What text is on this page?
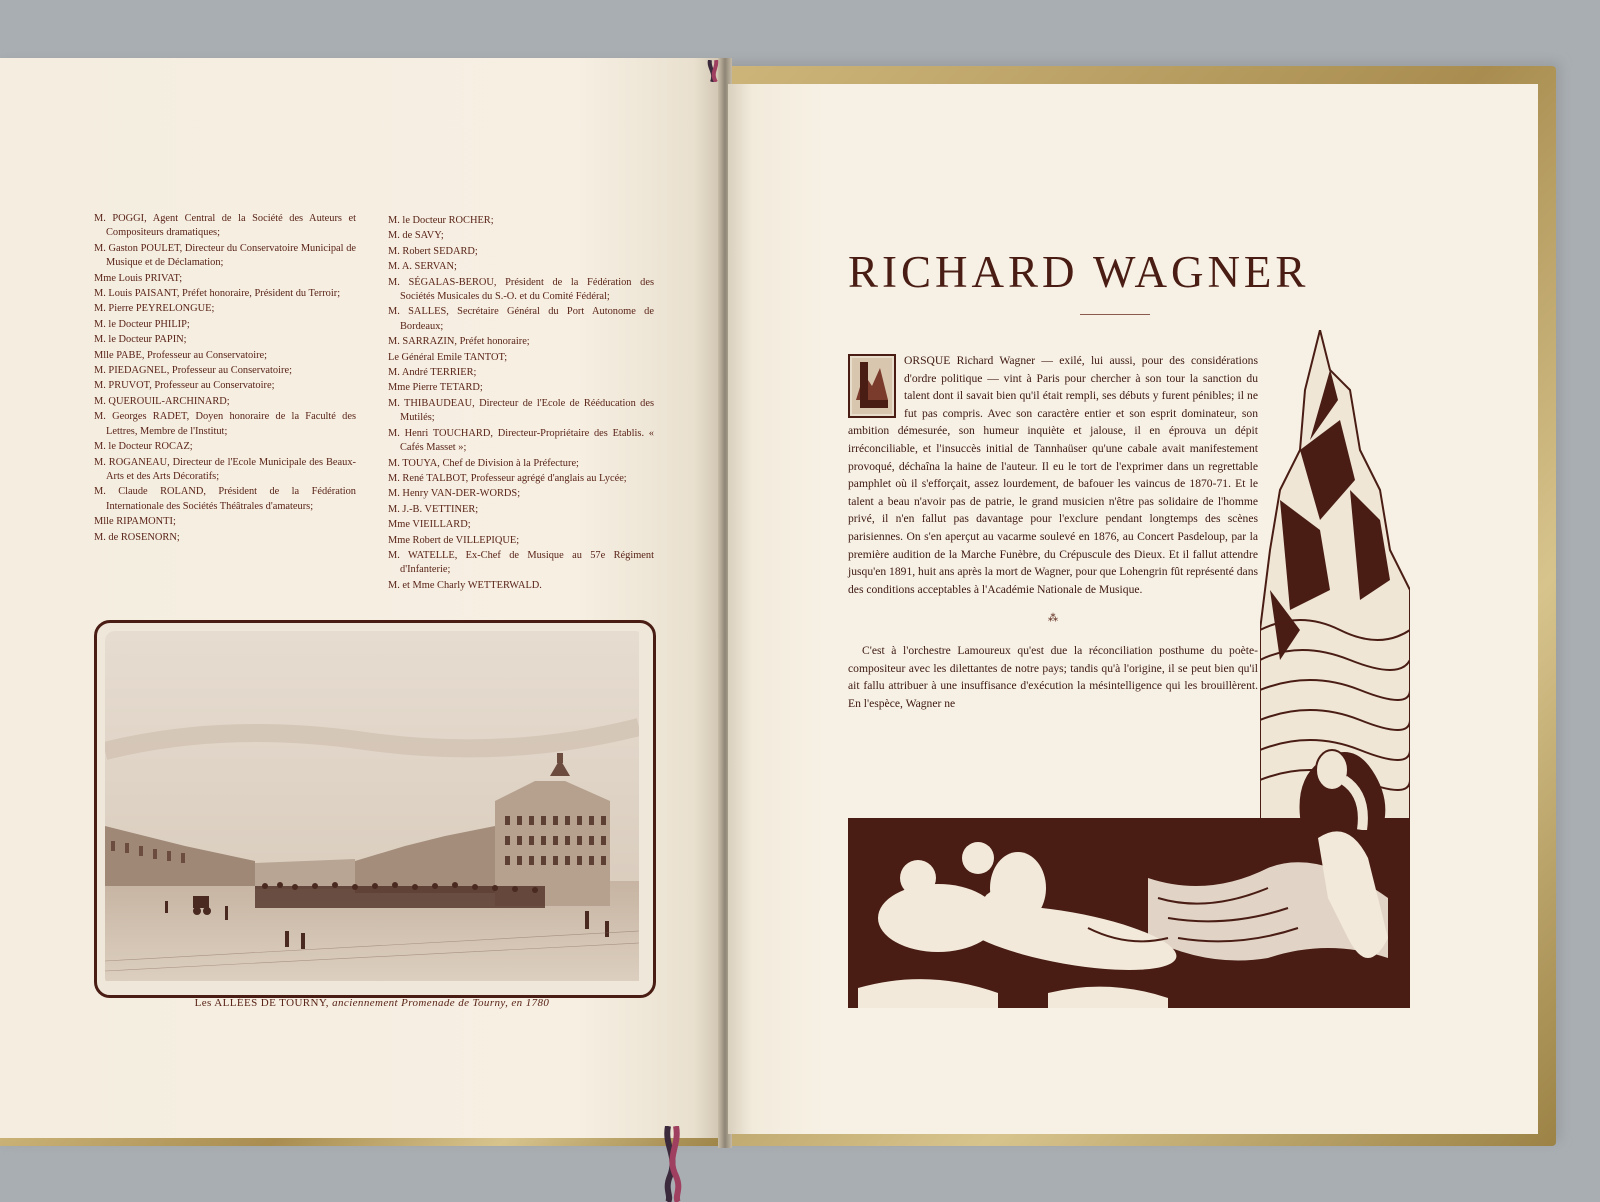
M. POGGI, Agent Central de la Société des Auteurs et Compositeurs dramatiques;
M. Gaston POULET, Directeur du Conservatoire Municipal de Musique et de Déclamation;
Mme Louis PRIVAT;
M. Louis PAISANT, Préfet honoraire, Président du Terroir;
M. Pierre PEYRELONGUE;
M. le Docteur PHILIP;
M. le Docteur PAPIN;
Mlle PABE, Professeur au Conservatoire;
M. PIEDAGNEL, Professeur au Conservatoire;
M. PRUVOT, Professeur au Conservatoire;
M. QUEROUIL-ARCHINARD;
M. Georges RADET, Doyen honoraire de la Faculté des Lettres, Membre de l'Institut;
M. le Docteur ROCAZ;
M. ROGANEAU, Directeur de l'Ecole Municipale des Beaux-Arts et des Arts Décoratifs;
M. Claude ROLAND, Président de la Fédération Internationale des Sociétés Théâtrales d'amateurs;
Mlle RIPAMONTI;
M. de ROSENORN;
M. le Docteur ROCHER;
M. de SAVY;
M. Robert SEDARD;
M. A. SERVAN;
M. SÉGALAS-BEROU, Président de la Fédération des Sociétés Musicales du S.-O. et du Comité Fédéral;
M. SALLES, Secrétaire Général du Port Autonome de Bordeaux;
M. SARRAZIN, Préfet honoraire;
Le Général Emile TANTOT;
M. André TERRIER;
Mme Pierre TETARD;
M. THIBAUDEAU, Directeur de l'Ecole de Rééducation des Mutilés;
M. Henri TOUCHARD, Directeur-Propriétaire des Etablis. « Cafés Masset »;
M. TOUYA, Chef de Division à la Préfecture;
M. René TALBOT, Professeur agrégé d'anglais au Lycée;
M. Henry VAN-DER-WORDS;
M. J.-B. VETTINER;
Mme VIEILLARD;
Mme Robert de VILLEPIQUE;
M. WATELLE, Ex-Chef de Musique au 57e Régiment d'Infanterie;
M. et Mme Charly WETTERWALD.
Les ALLÉES DE TOURNY, anciennement Promenade de Tourny, en 1780
RICHARD WAGNER

ORSQUE Richard Wagner — exilé, lui aussi, pour des considérations d'ordre politique — vint à Paris pour chercher à son tour la sanction du talent dont il savait bien qu'il était rempli, ses débuts y furent pénibles; il ne fut pas compris. Avec son caractère entier et son esprit dominateur, son ambition démesurée, son humeur inquiète et jalouse, il en éprouva un dépit irréconciliable, et l'insuccès initial de Tannhaüser qu'une cabale avait manifestement provoqué, déchaîna la haine de l'auteur. Il eu le tort de l'exprimer dans un regrettable pamphlet où il s'efforçait, assez lourdement, de bafouer les vaincus de 1870-71. Et le talent a beau n'avoir pas de patrie, le grand musicien n'être pas solidaire de l'homme privé, il n'en fallut pas davantage pour l'exclure pendant longtemps des scènes parisiennes. On s'en aperçut au vacarme soulevé en 1876, au Concert Pasdeloup, par la première audition de la Marche Funèbre, du Crépuscule des Dieux. Et il fallut attendre jusqu'en 1891, huit ans après la mort de Wagner, pour que Lohengrin fût représenté dans des conditions acceptables à l'Académie Nationale de Musique.

⁂

C'est à l'orchestre Lamoureux qu'est due la réconciliation posthume du poète-compositeur avec les dilettantes de notre pays; tandis qu'à l'origine, il se peut bien qu'il ait fallu attribuer à une insuffisance d'exécution la mésintelligence qui les brouillèrent. En l'espèce, Wagner ne
